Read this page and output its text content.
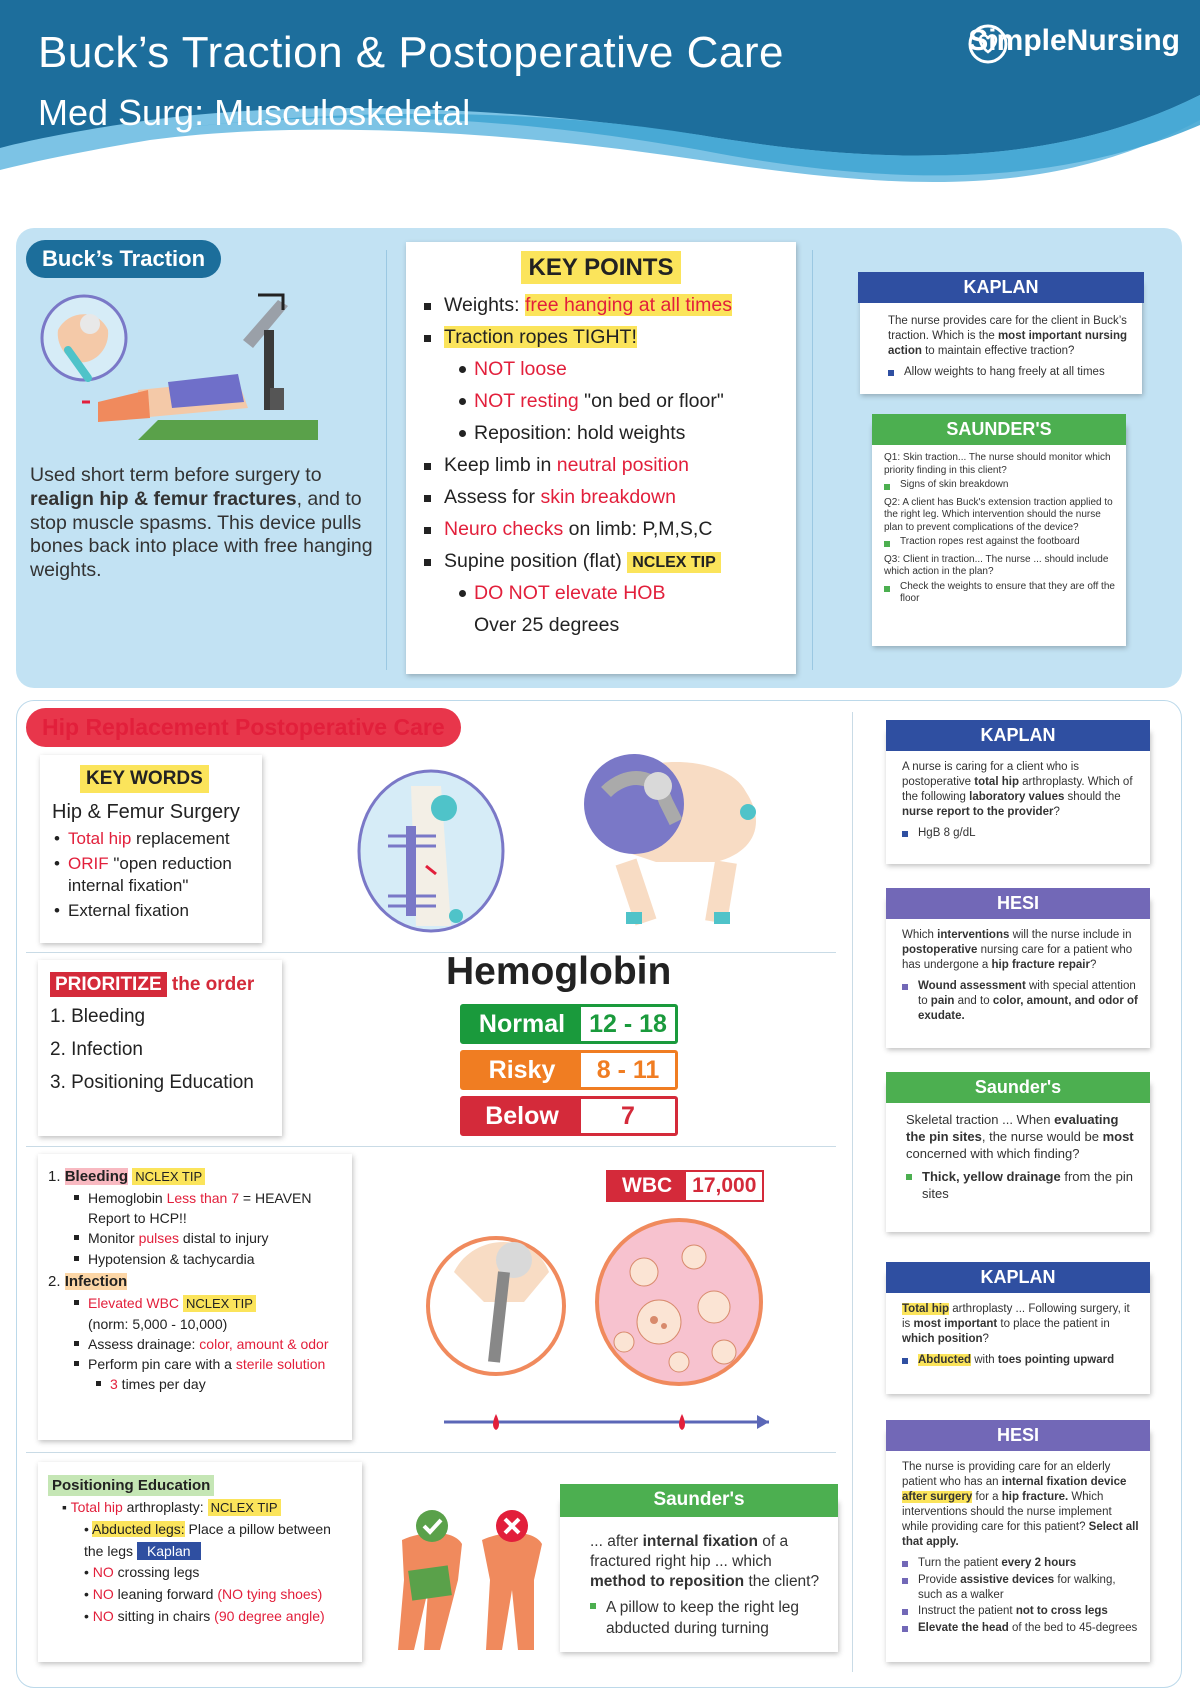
Buck’s Traction & Postoperative Care
Med Surg: Musculoskeletal
SimpleNursing
Buck’s Traction
Used short term before surgery to realign hip & femur fractures, and to stop muscle spasms. This device pulls bones back into place with free hanging weights.
KEY POINTS
Weights: free hanging at all times
Traction ropes TIGHT!
NOT loose
NOT resting "on bed or floor"
Reposition: hold weights
Keep limb in neutral position
Assess for skin breakdown
Neuro checks on limb: P,M,S,C
Supine position (flat) NCLEX TIP
DO NOT elevate HOB
Over 25 degrees
KAPLAN

The nurse provides care for the client in Buck’s traction. Which is the most important nursing action to maintain effective traction?

Allow weights to hang freely at all times
SAUNDER'S

Q1: Skin traction... The nurse should monitor which priority finding in this client?

Signs of skin breakdown

Q2: A client has Buck's extension traction applied to the right leg. Which intervention should the nurse plan to prevent complications of the device?

Traction ropes rest against the footboard

Q3: Client in traction... The nurse ... should include which action in the plan?

Check the weights to ensure that they are off the floor
Hip Replacement Postoperative Care
KEY WORDS
Hip & Femur Surgery
• Total hip replacement
• ORIF "open reduction internal fixation"
• External fixation
PRIORITIZE the order
1. Bleeding
2. Infection
3. Positioning Education
Hemoglobin
Normal 12 - 18
Risky	8 - 11
Below	7
1. Bleeding NCLEX TIP
Hemoglobin Less than 7 = HEAVEN
Report to HCP!!
Monitor pulses distal to injury
Hypotension & tachycardia
2. Infection
Elevated WBC NCLEX TIP
(norm: 5,000 - 10,000)
Assess drainage: color, amount & odor
Perform pin care with a sterile solution
3 times per day
WBC 17,000
Positioning Education
▪ Total hip arthroplasty: NCLEX TIP
• Abducted legs: Place a pillow between the legs Kaplan
• NO crossing legs
• NO leaning forward (NO tying shoes)
• NO sitting in chairs (90 degree angle)
Saunder's

... after internal fixation of a fractured right hip ... which method to reposition the client?

A pillow to keep the right leg abducted during turning
KAPLAN

A nurse is caring for a client who is postoperative total hip arthroplasty. Which of the following laboratory values should the nurse report to the provider?

HgB 8 g/dL
HESI

Which interventions will the nurse include in postoperative nursing care for a patient who has undergone a hip fracture repair?

Wound assessment with special attention to pain and to color, amount, and odor of exudate.
Saunder's

Skeletal traction ... When evaluating the pin sites, the nurse would be most concerned with which finding?

Thick, yellow drainage from the pin sites
KAPLAN

Total hip arthroplasty ... Following surgery, it is most important to place the patient in which position?

Abducted with toes pointing upward
HESI

The nurse is providing care for an elderly patient who has an internal fixation device after surgery for a hip fracture. Which interventions should the nurse implement while providing care for this patient? Select all that apply.

Turn the patient every 2 hours
Provide assistive devices for walking, such as a walker
Instruct the patient not to cross legs
Elevate the head of the bed to 45-degrees
